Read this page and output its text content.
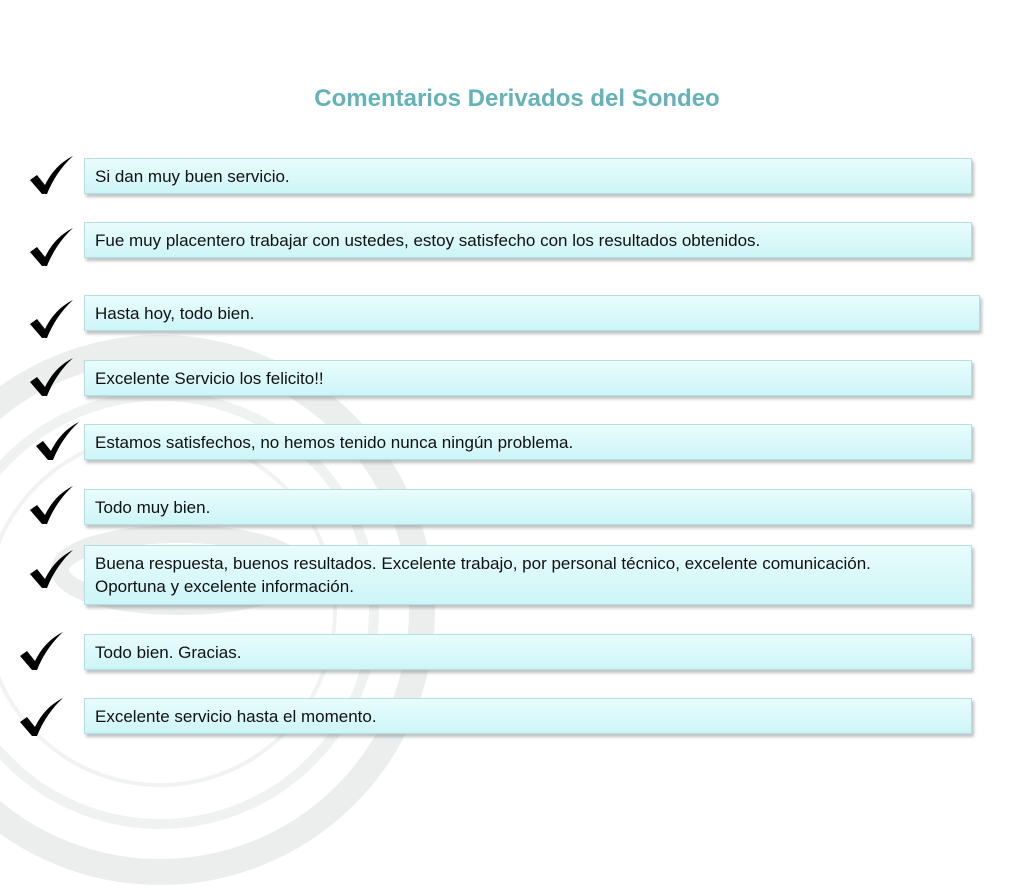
Comentarios Derivados del Sondeo
Si dan muy buen servicio.
Fue muy placentero trabajar con ustedes, estoy satisfecho con los resultados obtenidos.
Hasta hoy, todo bien.
Excelente Servicio los felicito!!
Estamos satisfechos, no hemos tenido nunca ningún problema.
Todo muy bien.
Buena respuesta, buenos resultados. Excelente trabajo, por personal técnico, excelente comunicación. Oportuna y excelente información.
Todo bien. Gracias.
Excelente servicio hasta el momento.
